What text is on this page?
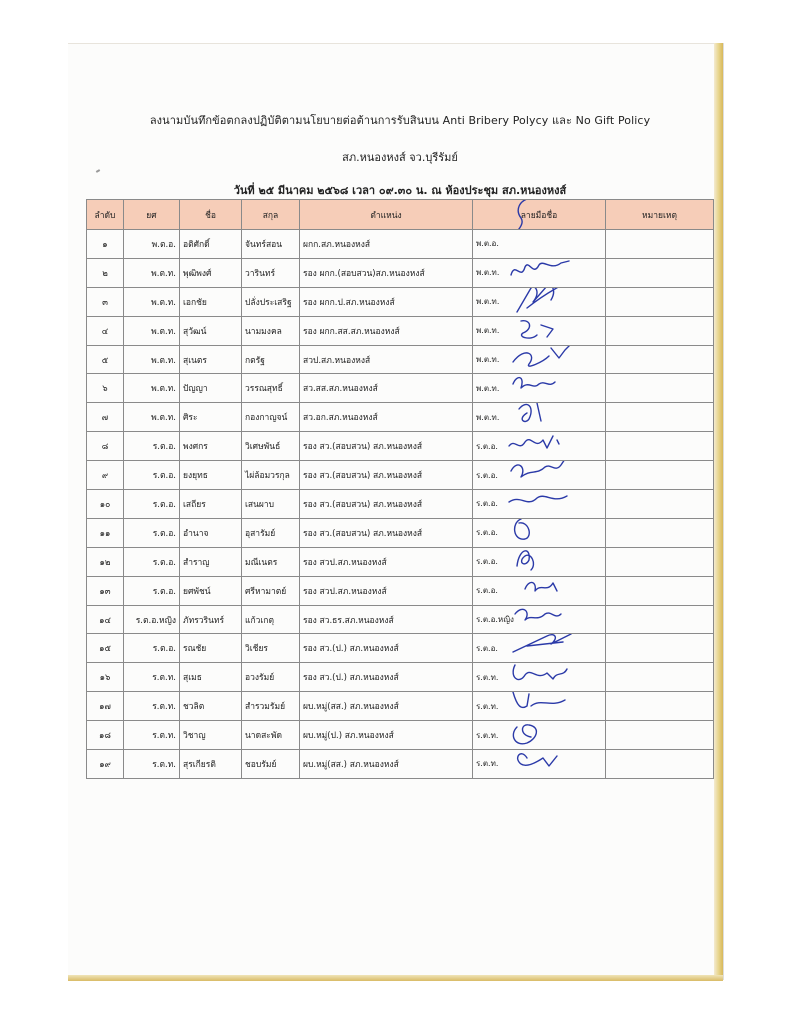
ลงนามบันทึกข้อตกลงปฏิบัติตามนโยบายต่อต้านการรับสินบน Anti Bribery Polycy และ No Gift Policy
สภ.หนองหงส์ จว.บุรีรัมย์
วันที่ ๒๕ มีนาคม ๒๕๖๘ เวลา ๐๙.๓๐ น. ณ ห้องประชุม สภ.หนองหงส์
ลำดับ	ยศ	ชื่อ	สกุล	ตำแหน่ง	ลายมือชื่อ	หมายเหตุ
๑	พ.ต.อ.	อติศักดิ์	จันทร์สอน	ผกก.สภ.หนองหงส์	พ.ต.อ.	
๒	พ.ต.ท.	พุฒิพงศ์	วารินทร์	รอง ผกก.(สอบสวน)สภ.หนองหงส์	พ.ต.ท.

๓	พ.ต.ท.	เอกชัย	ปลั่งประเสริฐ	รอง ผกก.ป.สภ.หนองหงส์	พ.ต.ท.

๔	พ.ต.ท.	สุวัฒน์	นามมงคล	รอง ผกก.สส.สภ.หนองหงส์	พ.ต.ท.

๕	พ.ต.ท.	สุเนตร	กตรัฐ	สวป.สภ.หนองหงส์	พ.ต.ท.

๖	พ.ต.ท.	ปัญญา	วรรณสุทธิ์	สว.สส.สภ.หนองหงส์	พ.ต.ท.

๗	พ.ต.ท.	ศิระ	กองกาญจน์	สว.อก.สภ.หนองหงส์	พ.ต.ท.

๘	ร.ต.อ.	พงศกร	วิเศษพันธ์	รอง สว.(สอบสวน) สภ.หนองหงส์	ร.ต.อ.

๙	ร.ต.อ.	ยงยุทธ	ไผ่ล้อมวรกุล	รอง สว.(สอบสวน) สภ.หนองหงส์	ร.ต.อ.

๑๐	ร.ต.อ.	เสถียร	เสนผาบ	รอง สว.(สอบสวน) สภ.หนองหงส์	ร.ต.อ.

๑๑	ร.ต.อ.	อำนาจ	อุสารัมย์	รอง สว.(สอบสวน) สภ.หนองหงส์	ร.ต.อ.

๑๒	ร.ต.อ.	สำราญ	มณีเนตร	รอง สวป.สภ.หนองหงส์	ร.ต.อ.

๑๓	ร.ต.อ.	ยศพัชน์	ศรีหามาตย์	รอง สวป.สภ.หนองหงส์	ร.ต.อ.

๑๔	ร.ต.อ.หญิง	ภัทรวรินทร์	แก้วเกตุ	รอง สว.ธร.สภ.หนองหงส์	ร.ต.อ.หญิง

๑๕	ร.ต.อ.	รณชัย	วิเชียร	รอง สว.(ป.) สภ.หนองหงส์	ร.ต.อ.

๑๖	ร.ต.ท.	สุเมธ	อวงรัมย์	รอง สว.(ป.) สภ.หนองหงส์	ร.ต.ท.

๑๗	ร.ต.ท.	ชวลิต	สำรวมรัมย์	ผบ.หมู่(สส.) สภ.หนองหงส์	ร.ต.ท.

๑๘	ร.ต.ท.	วิชาญ	นาดสะพัด	ผบ.หมู่(ป.) สภ.หนองหงส์	ร.ต.ท.

๑๙	ร.ต.ท.	สุรเกียรติ	ชอบรัมย์	ผบ.หมู่(สส.) สภ.หนองหงส์	ร.ต.ท.
